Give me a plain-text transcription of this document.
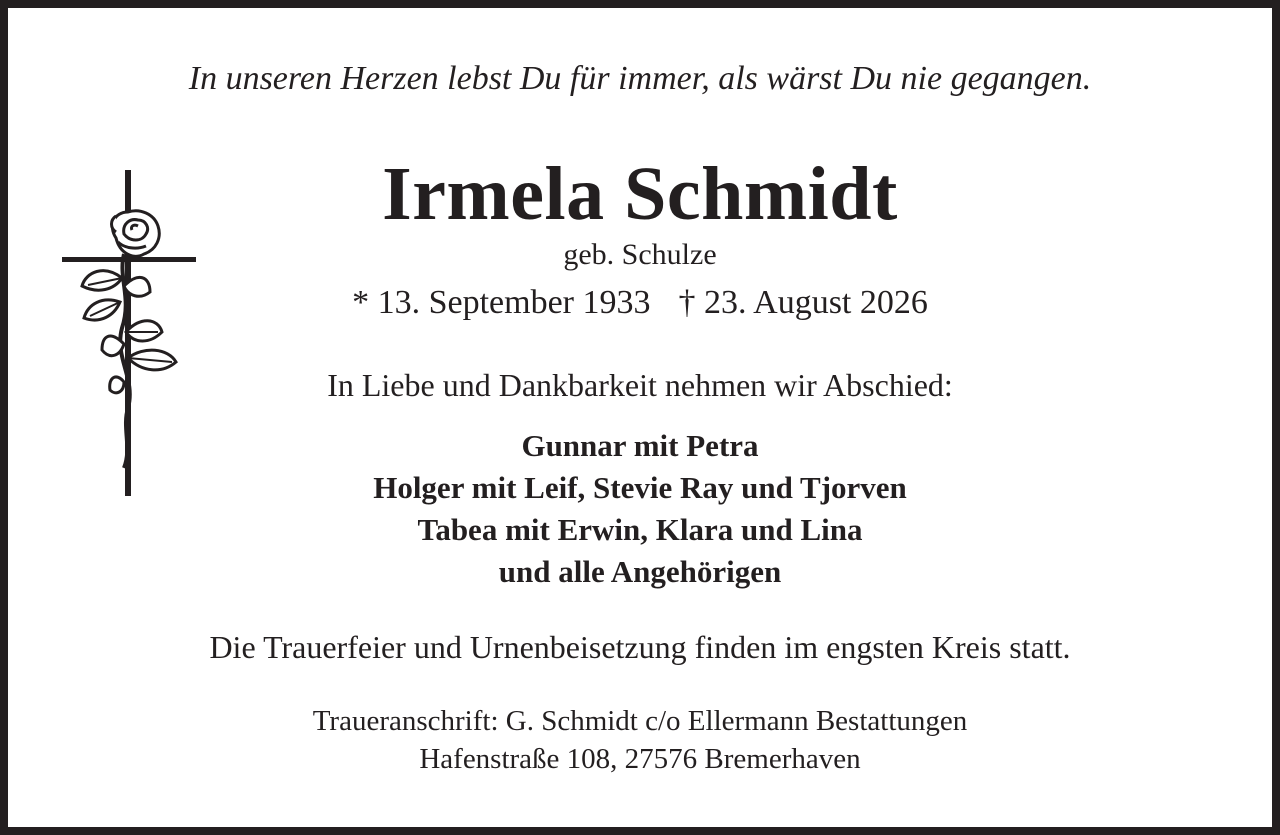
In unseren Herzen lebst Du für immer, als wärst Du nie gegangen.
Irmela Schmidt
geb. Schulze
* 13. September 1933 † 23. August 2026
In Liebe und Dankbarkeit nehmen wir Abschied:
Gunnar mit Petra
Holger mit Leif, Stevie Ray und Tjorven
Tabea mit Erwin, Klara und Lina
und alle Angehörigen
Die Trauerfeier und Urnenbeisetzung finden im engsten Kreis statt.
Traueranschrift: G. Schmidt c/o Ellermann Bestattungen
Hafenstraße 108, 27576 Bremerhaven
